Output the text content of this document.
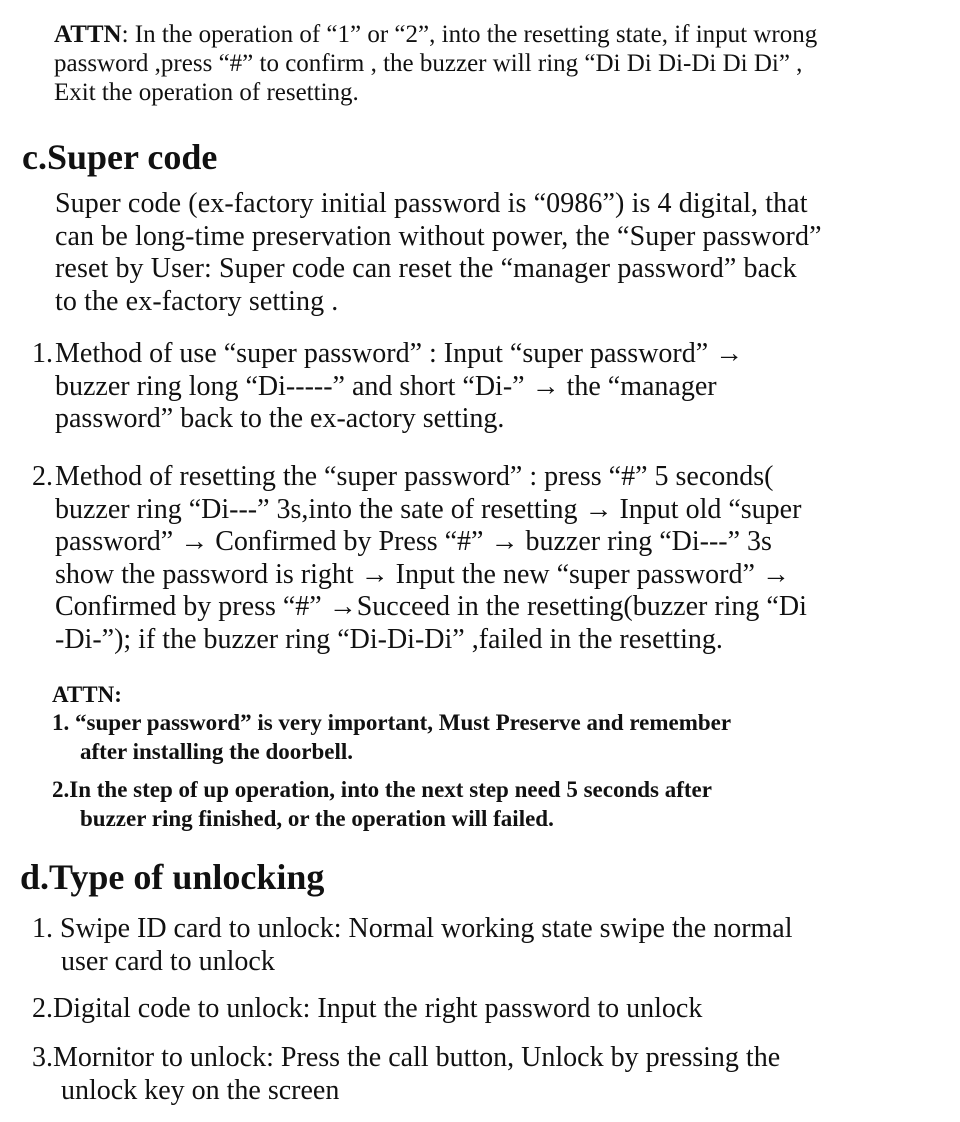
ATTN: In the operation of “1” or “2”, into the resetting state, if input wrong

password ,press “#” to confirm , the buzzer will ring “Di Di Di-Di Di Di” ,

Exit the operation of resetting.

c.Super code

Super code (ex-factory initial password is “0986”) is 4 digital, that

can be long-time preservation without power, the “Super password”

reset by User: Super code can reset the “manager password” back

to the ex-factory setting .

1. Method of use “super password” : Input “super password” →

buzzer ring long “Di-----” and short “Di-” → the “manager

password” back to the ex-actory setting.

2. Method of resetting the “super password” : press “#” 5 seconds(

buzzer ring “Di---” 3s,into the sate of resetting → Input old “super

password” → Confirmed by Press “#” → buzzer ring “Di---” 3s

show the password is right → Input the new “super password” →

Confirmed by press “#” →Succeed in the resetting(buzzer ring “Di

-Di-”); if the buzzer ring “Di-Di-Di” ,failed in the resetting.

ATTN:

1. “super password” is very important, Must Preserve and remember

after installing the doorbell.

2.In the step of up operation, into the next step need 5 seconds after

buzzer ring finished, or the operation will failed.

d.Type of unlocking

1. Swipe ID card to unlock: Normal working state swipe the normal

user card to unlock

2.Digital code to unlock: Input the right password to unlock

3.Mornitor to unlock: Press the call button, Unlock by pressing the

unlock key on the screen
